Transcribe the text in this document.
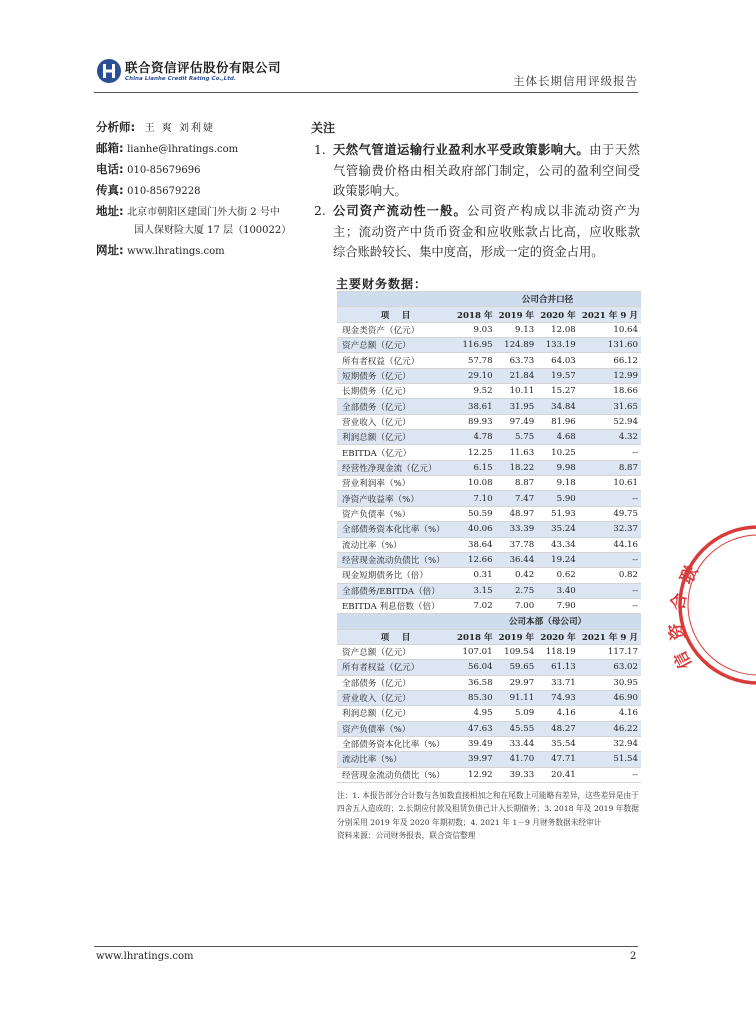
联合资信评估股份有限公司
China Lianhe Credit Rating Co.,Ltd.	主体长期信用评级报告
分析师: 王 爽 刘利婕
邮箱: lianhe@lhratings.com
电话: 010-85679696
传真: 010-85679228
地址: 北京市朝阳区建国门外大街 2 号中
国人保财险大厦 17 层（100022）
网址: www.lhratings.com
关注
1. 天然气管道运输行业盈利水平受政策影响大。由于天然气管输费价格由相关政府部门制定，公司的盈利空间受政策影响大。
2. 公司资产流动性一般。公司资产构成以非流动资产为主；流动资产中货币资金和应收账款占比高，应收账款综合账龄较长、集中度高，形成一定的资金占用。
主要财务数据：
	公司合并口径			
项　目	2018 年	2019 年	2020 年	2021 年 9 月
现金类资产（亿元）	9.03	9.13	12.08	10.64
资产总额（亿元）	116.95	124.89	133.19	131.60
所有者权益（亿元）	57.78	63.73	64.03	66.12
短期债务（亿元）	29.10	21.84	19.57	12.99
长期债务（亿元）	9.52	10.11	15.27	18.66
全部债务（亿元）	38.61	31.95	34.84	31.65
营业收入（亿元）	89.93	97.49	81.96	52.94
利润总额（亿元）	4.78	5.75	4.68	4.32
EBITDA（亿元）	12.25	11.63	10.25	--
经营性净现金流（亿元）	6.15	18.22	9.98	8.87
营业利润率（%）	10.08	8.87	9.18	10.61
净资产收益率（%）	7.10	7.47	5.90	--
资产负债率（%）	50.59	48.97	51.93	49.75
全部债务资本化比率（%）	40.06	33.39	35.24	32.37
流动比率（%）	38.64	37.78	43.34	44.16
经营现金流动负债比（%）	12.66	36.44	19.24	--
现金短期债务比（倍）	0.31	0.42	0.62	0.82
全部债务/EBITDA（倍）	3.15	2.75	3.40	--
EBITDA 利息倍数（倍）	7.02	7.00	7.90	--
	公司本部（母公司）			
项　目	2018 年	2019 年	2020 年	2021 年 9 月
资产总额（亿元）	107.01	109.54	118.19	117.17
所有者权益（亿元）	56.04	59.65	61.13	63.02
全部债务（亿元）	36.58	29.97	33.71	30.95
营业收入（亿元）	85.30	91.11	74.93	46.90
利润总额（亿元）	4.95	5.09	4.16	4.16
资产负债率（%）	47.63	45.55	48.27	46.22
全部债务资本化比率（%）	39.49	33.44	35.54	32.94
流动比率（%）	39.97	41.70	47.71	51.54
经营现金流动负债比（%）	12.92	39.33	20.41	--
注：1. 本报告部分合计数与各加数直接相加之和在尾数上可能略有差异，这些差异是由于四舍五入造成的；2.长期应付款及租赁负债已计入长期债务；3. 2018 年及 2019 年数据分别采用 2019 年及 2020 年期初数；4. 2021 年 1－9 月财务数据未经审计
资料来源：公司财务报表，联合资信整理
联
合
资
信
www.lhratings.com	2
